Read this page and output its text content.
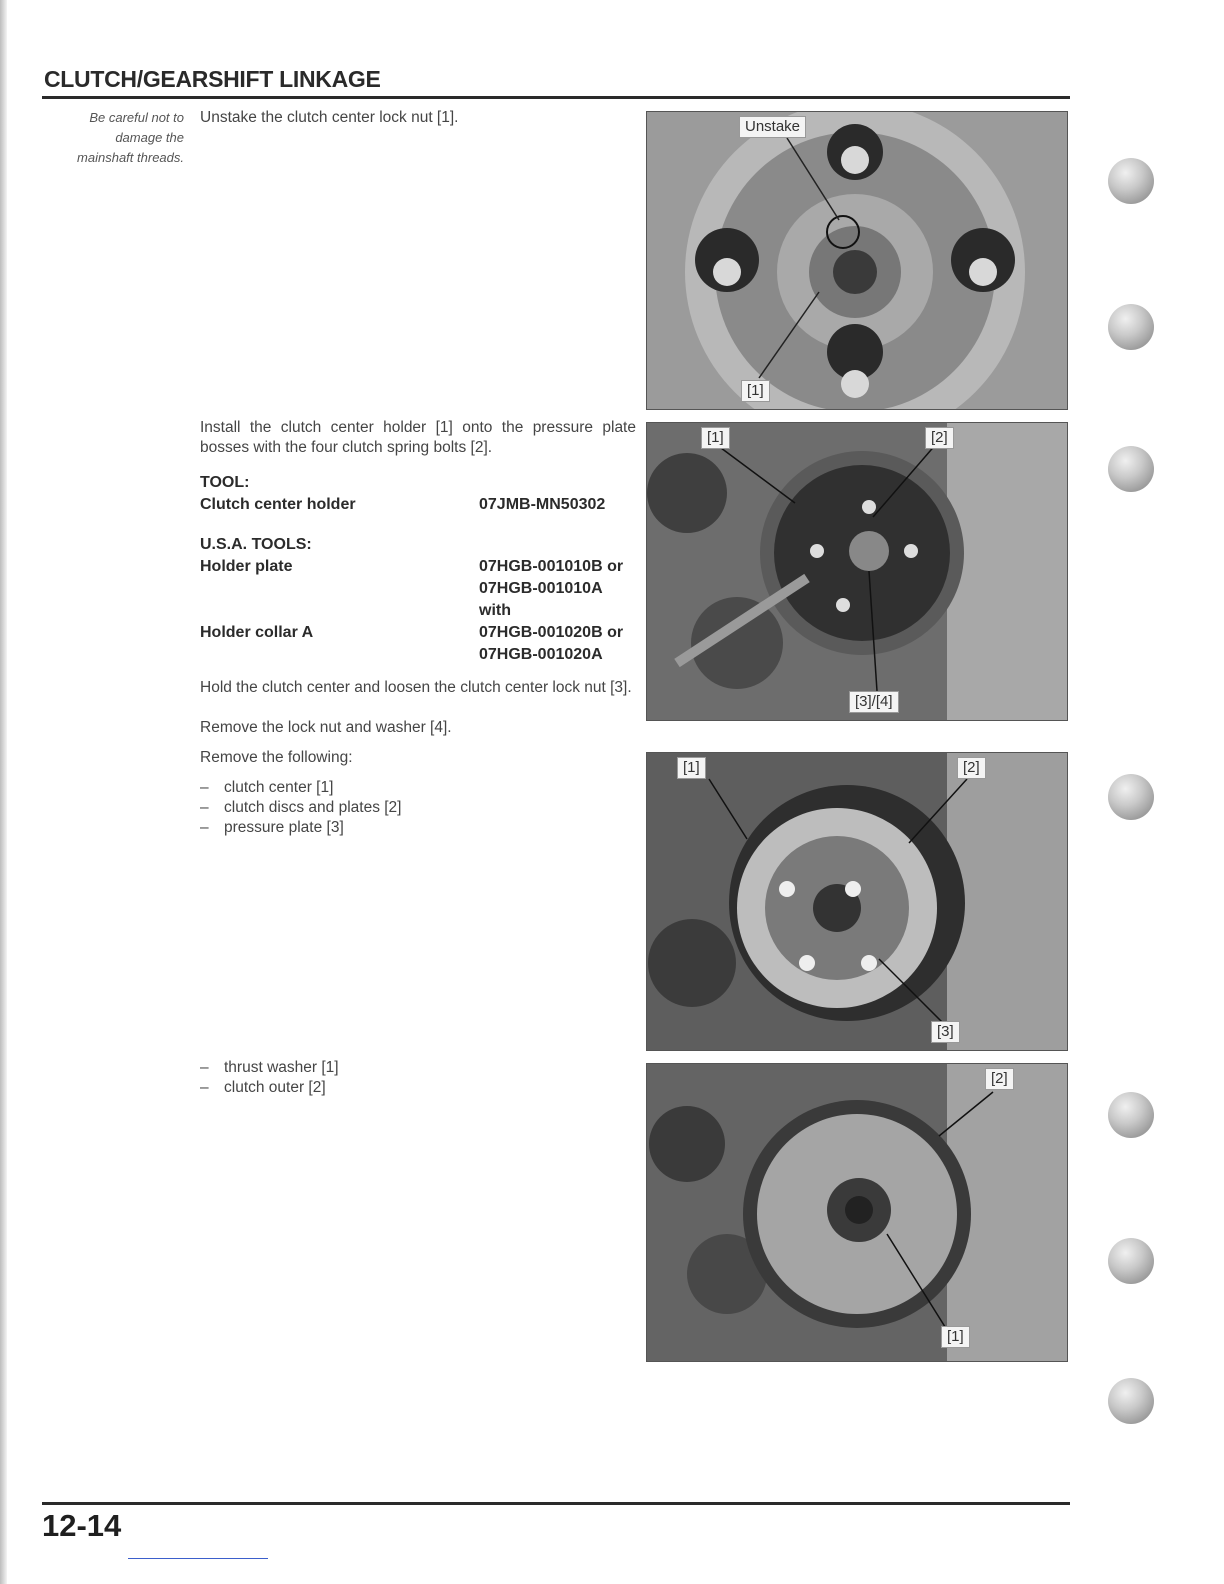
CLUTCH/GEARSHIFT LINKAGE
Be careful not to
damage the
mainshaft threads.
Unstake the clutch center lock nut [1].
Install the clutch center holder [1] onto the pressure plate bosses with the four clutch spring bolts [2].
TOOL:
Clutch center holder	07JMB-MN50302
U.S.A. TOOLS:
Holder plate	07HGB-001010B or
07HGB-001010A
with
Holder collar A	07HGB-001020B or
07HGB-001020A
Hold the clutch center and loosen the clutch center lock nut [3].
Remove the lock nut and washer [4].
Remove the following:
– clutch center [1]
– clutch discs and plates [2]
– pressure plate [3]
– thrust washer [1]
– clutch outer [2]
Unstake
[1]
[1]	[2]
[3]/[4]
[1]	[2]
[3]
[2]
[1]
12-14
